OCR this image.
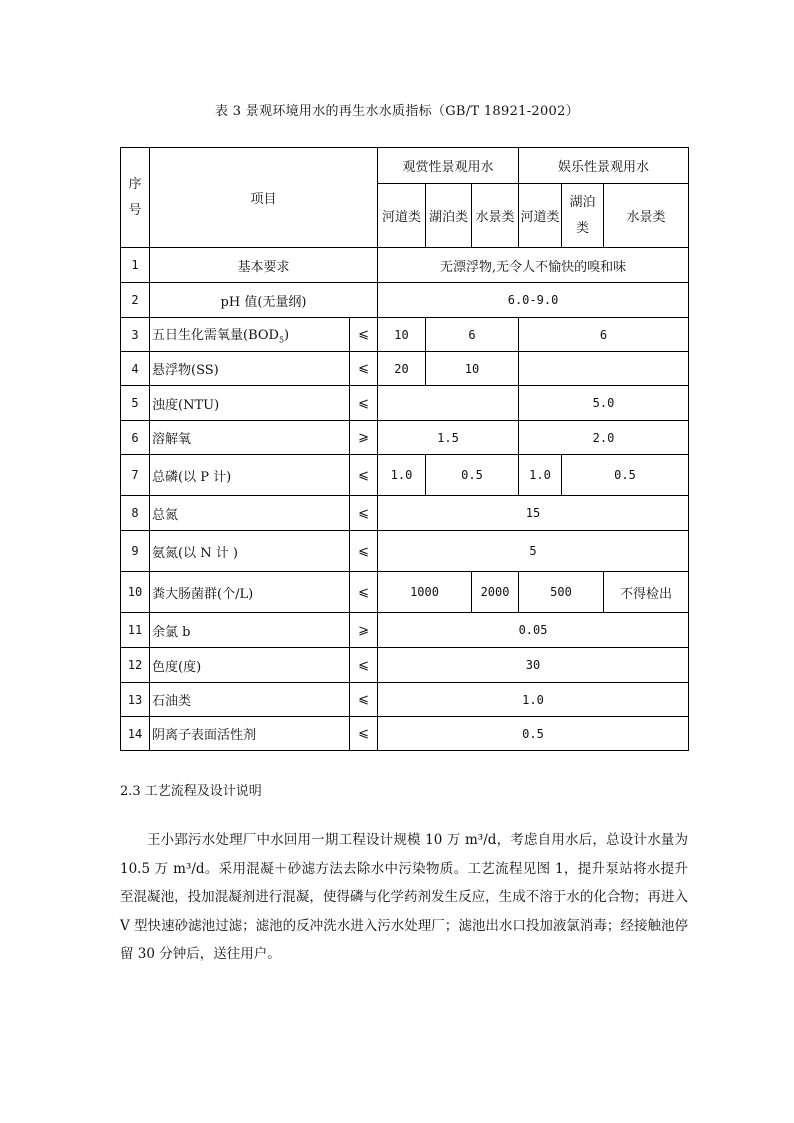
表 3 景观环境用水的再生水水质指标（GB/T 18921-2002）
序号	项目		观赏性景观用水			娱乐性景观用水		
			河道类	湖泊类	水景类	河道类	湖泊类	水景类
1	基本要求		无漂浮物,无令人不愉快的嗅和味					
2	pH 值(无量纲)		6.0-9.0					
3	五日生化需氧量$(BOD_5)$	⩽	10	6		6		
4	悬浮物(SS)	⩽	20	10				
5	浊度(NTU)	⩽				5.0		
6	溶解氧	⩾	1.5			2.0		
7	总磷(以 P 计)	⩽	1.0	0.5		1.0	0.5	
8	总氮	⩽	15					
9	氨氮(以 N 计 )	⩽	5					
10	粪大肠菌群(个/L)	⩽	1000		2000	500		不得检出
11	余氯 b	⩾	0.05					
12	色度(度)	⩽	30					
13	石油类	⩽	1.0					
14	阴离子表面活性剂	⩽	0.5					
2.3 工艺流程及设计说明

王小郢污水处理厂中水回用一期工程设计规模 10 万 m³/d，考虑自用水后，总设计水量为 10.5 万 m³/d。采用混凝＋砂滤方法去除水中污染物质。工艺流程见图 1，提升泵站将水提升至混凝池，投加混凝剂进行混凝，使得磷与化学药剂发生反应，生成不溶于水的化合物；再进入 V 型快速砂滤池过滤；滤池的反冲洗水进入污水处理厂；滤池出水口投加液氯消毒；经接触池停留 30 分钟后，送往用户。
